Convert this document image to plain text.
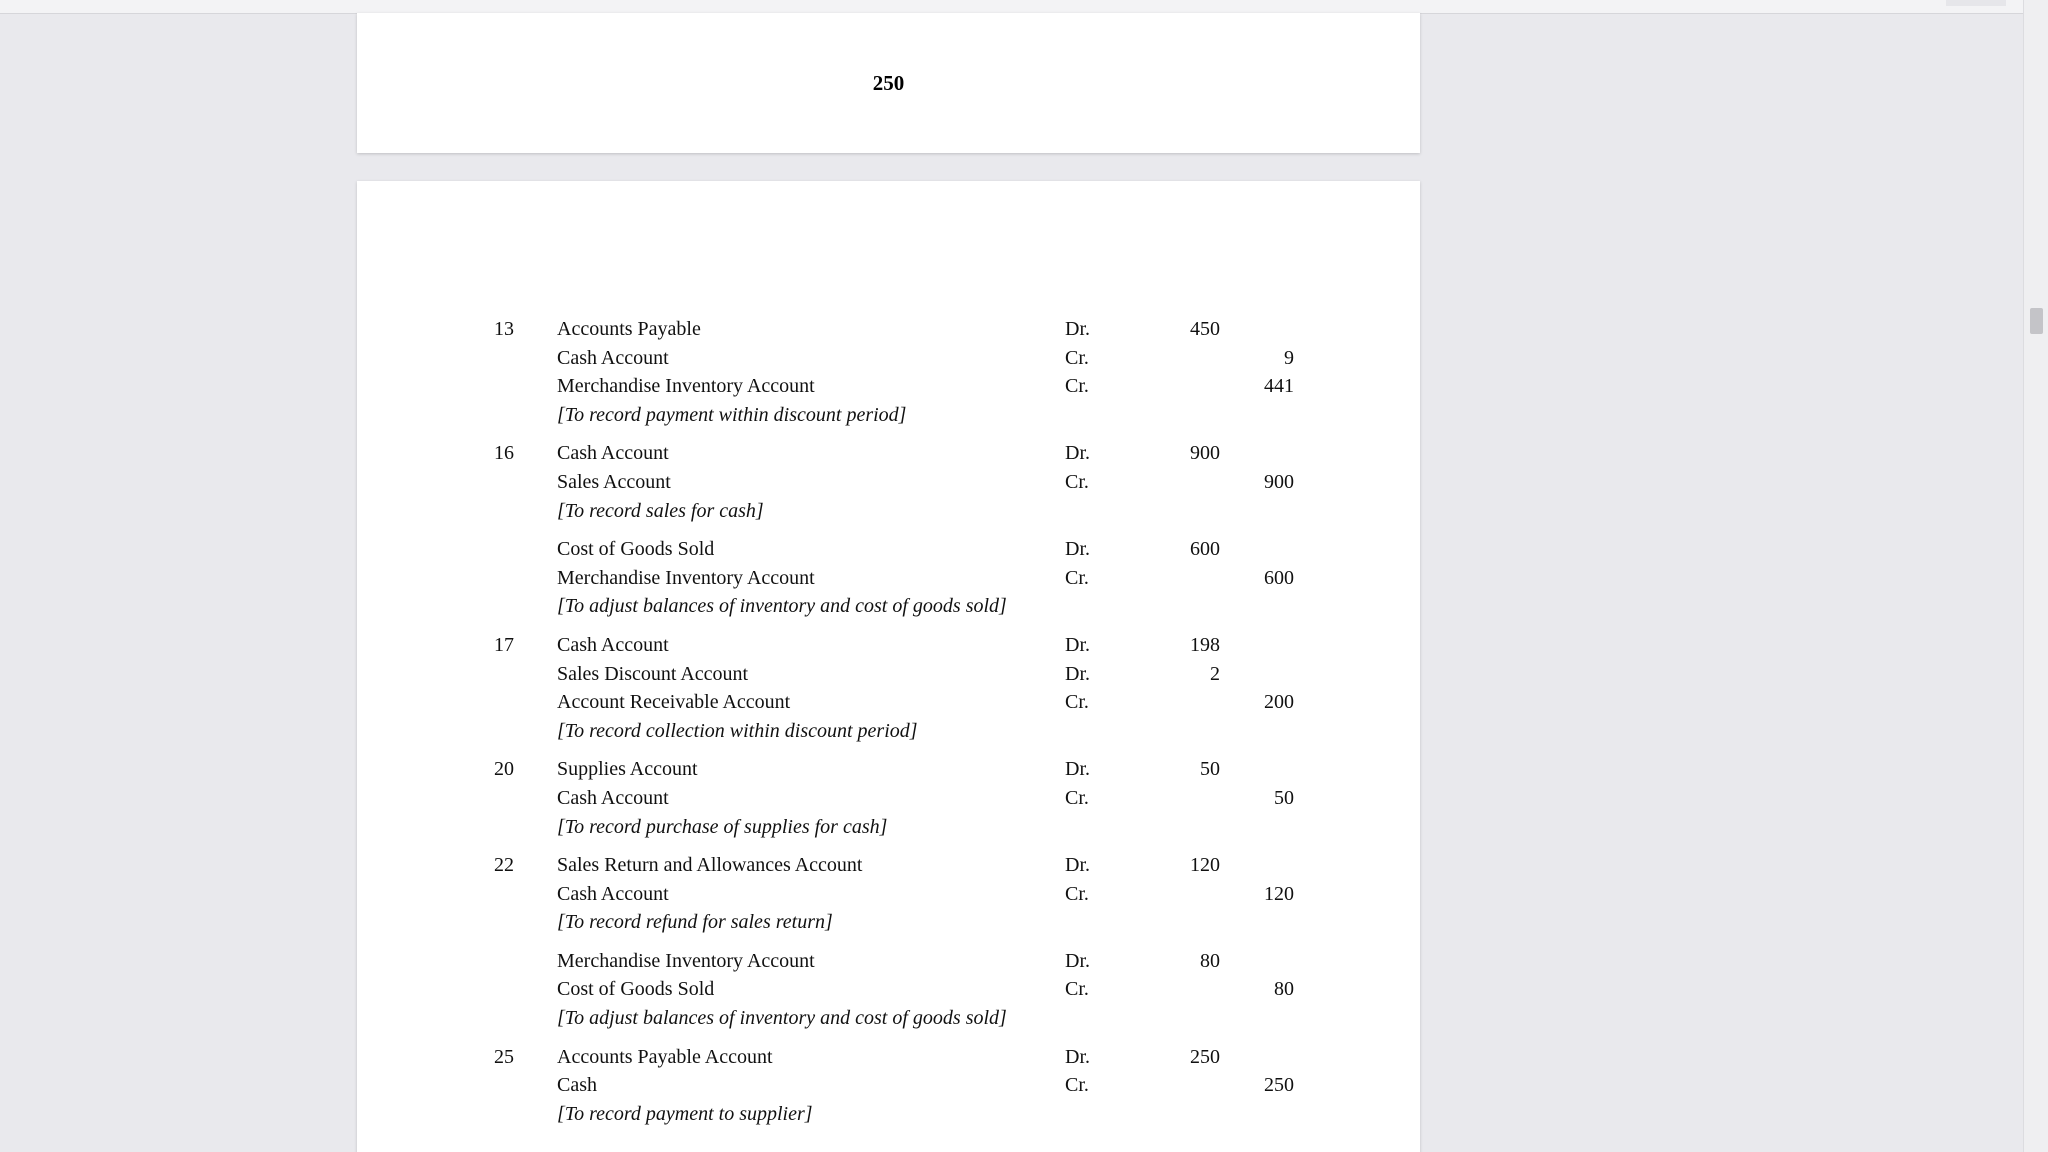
250
13 Accounts Payable	Dr.	450
Cash Account	Cr.	9
Merchandise Inventory Account	Cr.	441
[To record payment within discount period]
16 Cash Account	Dr.	900
Sales Account	Cr.	900
[To record sales for cash]
Cost of Goods Sold	Dr.	600
Merchandise Inventory Account	Cr.	600
[To adjust balances of inventory and cost of goods sold]
17 Cash Account	Dr.	198
Sales Discount Account	Dr.	2
Account Receivable Account	Cr.	200
[To record collection within discount period]
20 Supplies Account	Dr.	50
Cash Account	Cr.	50
[To record purchase of supplies for cash]
22 Sales Return and Allowances Account	Dr.	120
Cash Account	Cr.	120
[To record refund for sales return]
Merchandise Inventory Account	Dr.	80
Cost of Goods Sold	Cr.	80
[To adjust balances of inventory and cost of goods sold]
25 Accounts Payable Account	Dr.	250
Cash	Cr.	250
[To record payment to supplier]
